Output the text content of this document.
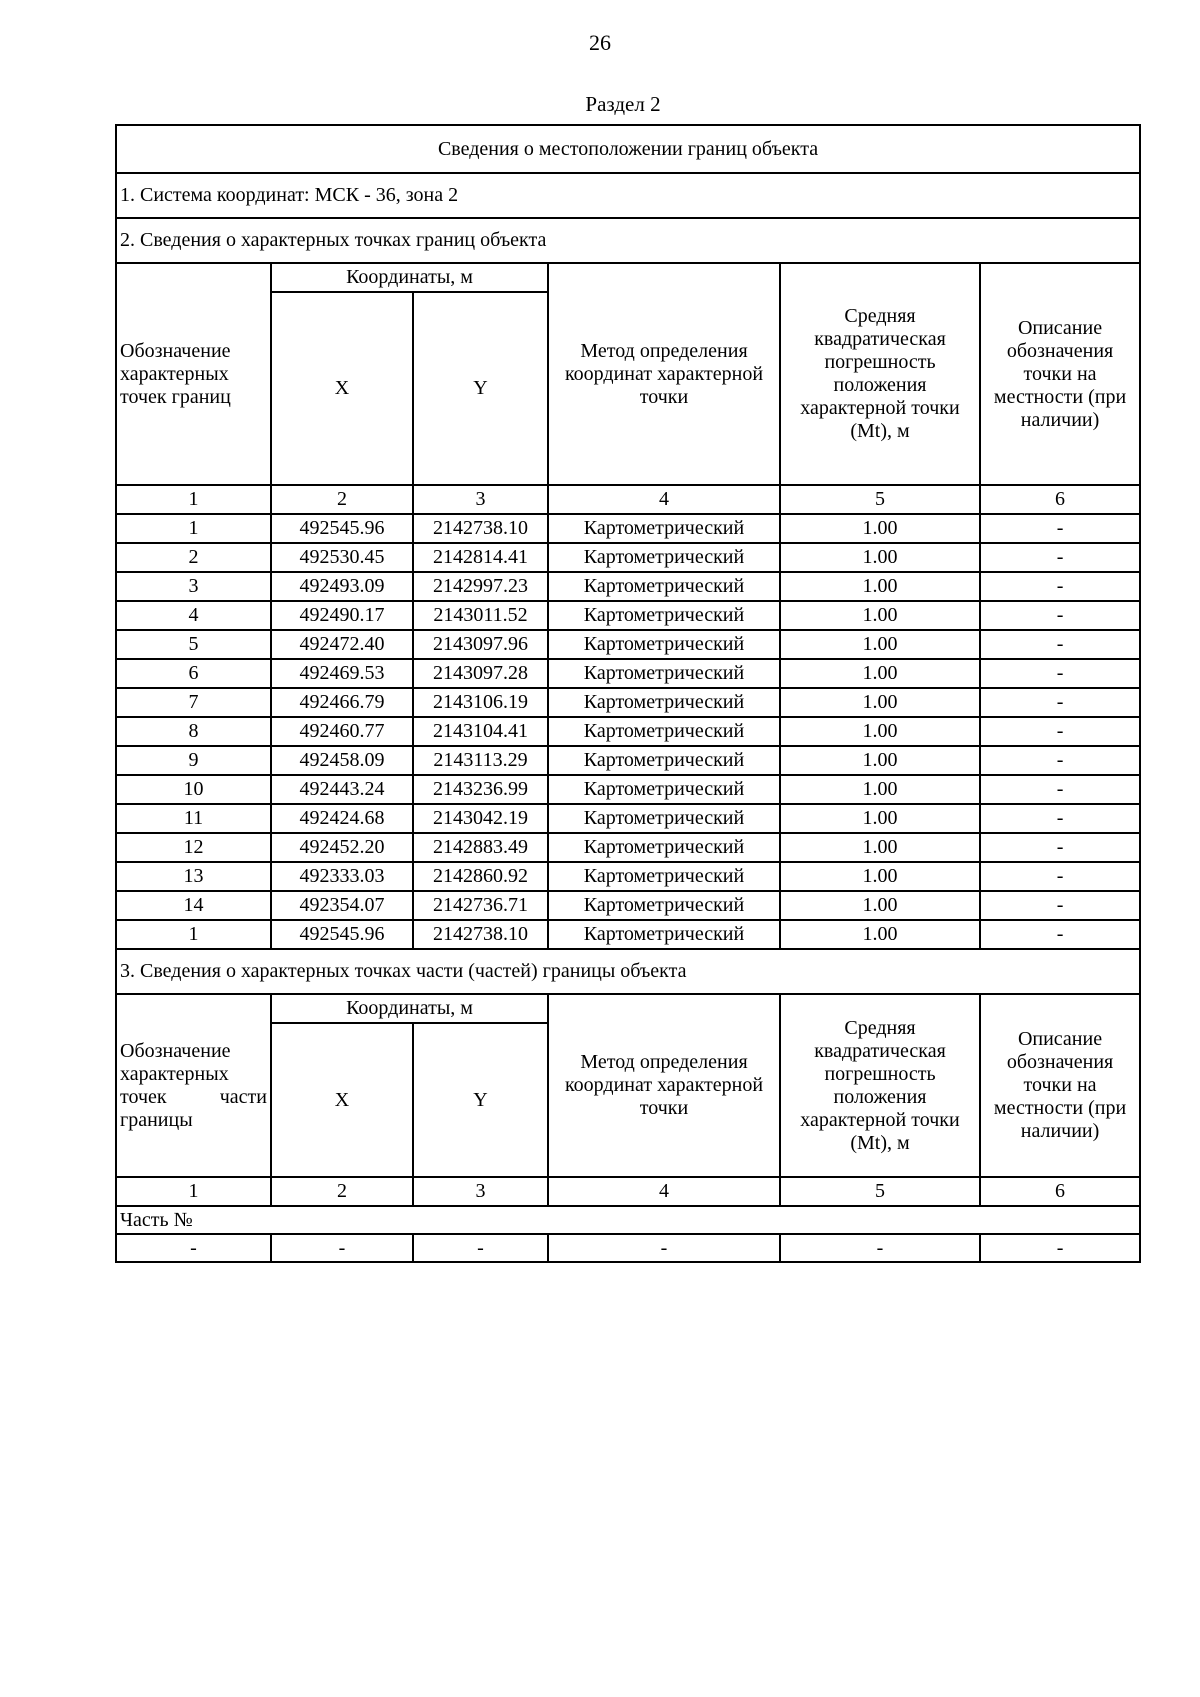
26
Раздел 2
Сведения о местоположении границ объекта					
1. Система координат: МСК - 36, зона 2					
2. Сведения о характерных точках границ объекта					
Обозначение характерных точек границ	Координаты, м		Метод определения координат характерной точки	Средняя квадратическая погрешность положения характерной точки (Mt), м	Описание обозначения точки на местности (при наличии)
	X	Y			
1	2	3	4	5	6
1	492545.96	2142738.10	Картометрический	1.00	-
2	492530.45	2142814.41	Картометрический	1.00	-
3	492493.09	2142997.23	Картометрический	1.00	-
4	492490.17	2143011.52	Картометрический	1.00	-
5	492472.40	2143097.96	Картометрический	1.00	-
6	492469.53	2143097.28	Картометрический	1.00	-
7	492466.79	2143106.19	Картометрический	1.00	-
8	492460.77	2143104.41	Картометрический	1.00	-
9	492458.09	2143113.29	Картометрический	1.00	-
10	492443.24	2143236.99	Картометрический	1.00	-
11	492424.68	2143042.19	Картометрический	1.00	-
12	492452.20	2142883.49	Картометрический	1.00	-
13	492333.03	2142860.92	Картометрический	1.00	-
14	492354.07	2142736.71	Картометрический	1.00	-
1	492545.96	2142738.10	Картометрический	1.00	-
3. Сведения о характерных точках части (частей) границы объекта					
Обозначение характерных точек части границы	Координаты, м		Метод определения координат характерной точки	Средняя квадратическая погрешность положения характерной точки (Mt), м	Описание обозначения точки на местности (при наличии)
	X	Y			
1	2	3	4	5	6
Часть №					
-	-	-	-	-	-
